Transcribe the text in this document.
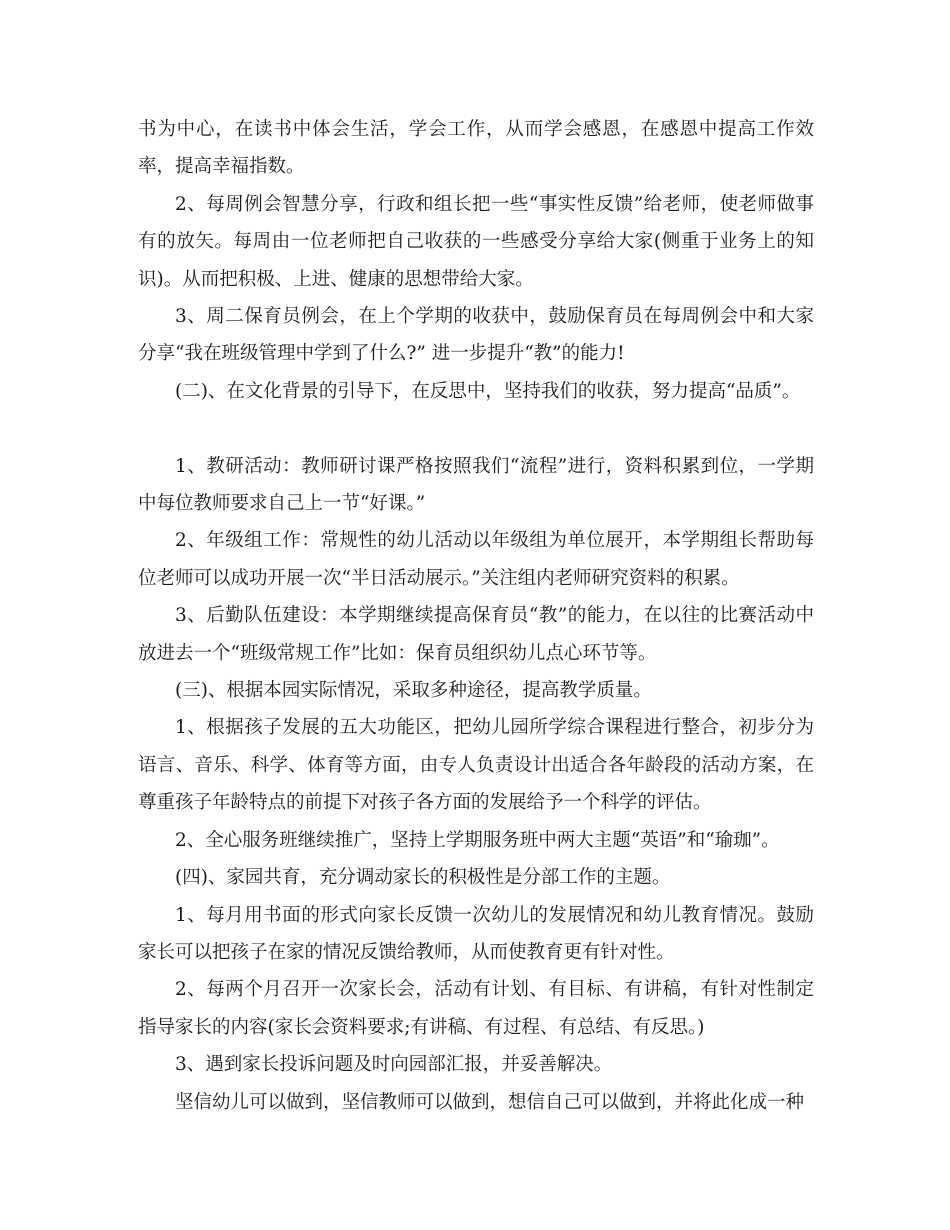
书为中心，在读书中体会生活，学会工作，从而学会感恩，在感恩中提高工作效率，提高幸福指数。

2、每周例会智慧分享，行政和组长把一些“事实性反馈”给老师，使老师做事有的放矢。每周由一位老师把自己收获的一些感受分享给大家(侧重于业务上的知识)。从而把积极、上进、健康的思想带给大家。

3、周二保育员例会，在上个学期的收获中，鼓励保育员在每周例会中和大家分享“我在班级管理中学到了什么?” 进一步提升“教”的能力!

(二)、在文化背景的引导下，在反思中，坚持我们的收获，努力提高“品质”。

1、教研活动：教师研讨课严格按照我们“流程”进行，资料积累到位，一学期中每位教师要求自己上一节“好课。”

2、年级组工作：常规性的幼儿活动以年级组为单位展开，本学期组长帮助每位老师可以成功开展一次“半日活动展示。”关注组内老师研究资料的积累。

3、后勤队伍建设：本学期继续提高保育员“教”的能力，在以往的比赛活动中放进去一个“班级常规工作”比如：保育员组织幼儿点心环节等。

(三)、根据本园实际情况，采取多种途径，提高教学质量。

1、根据孩子发展的五大功能区，把幼儿园所学综合课程进行整合，初步分为语言、音乐、科学、体育等方面，由专人负责设计出适合各年龄段的活动方案，在尊重孩子年龄特点的前提下对孩子各方面的发展给予一个科学的评估。

2、全心服务班继续推广，坚持上学期服务班中两大主题“英语”和“瑜珈”。

(四)、家园共育，充分调动家长的积极性是分部工作的主题。

1、每月用书面的形式向家长反馈一次幼儿的发展情况和幼儿教育情况。鼓励家长可以把孩子在家的情况反馈给教师，从而使教育更有针对性。

2、每两个月召开一次家长会，活动有计划、有目标、有讲稿，有针对性制定指导家长的内容(家长会资料要求;有讲稿、有过程、有总结、有反思。)

3、遇到家长投诉问题及时向园部汇报，并妥善解决。

坚信幼儿可以做到，坚信教师可以做到，想信自己可以做到，并将此化成一种
